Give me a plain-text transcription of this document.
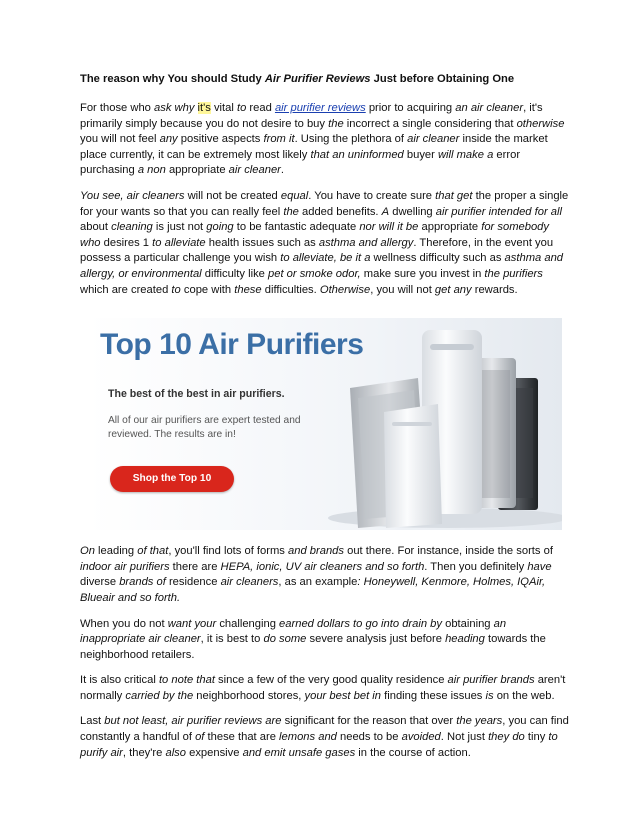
The reason why You should Study Air Purifier Reviews Just before Obtaining One

For those who ask why it's vital to read air purifier reviews prior to acquiring an air cleaner, it's primarily simply because you do not desire to buy the incorrect a single considering that otherwise you will not feel any positive aspects from it. Using the plethora of air cleaner inside the market place currently, it can be extremely most likely that an uninformed buyer will make a error purchasing a non appropriate air cleaner.

You see, air cleaners will not be created equal. You have to create sure that get the proper a single for your wants so that you can really feel the added benefits. A dwelling air purifier intended for all about cleaning is just not going to be fantastic adequate nor will it be appropriate for somebody who desires 1 to alleviate health issues such as asthma and allergy. Therefore, in the event you possess a particular challenge you wish to alleviate, be it a wellness difficulty such as asthma and allergy, or environmental difficulty like pet or smoke odor, make sure you invest in the purifiers which are created to cope with these difficulties. Otherwise, you will not get any rewards.

Top 10 Air Purifiers
The best of the best in air purifiers.
All of our air purifiers are expert tested and reviewed. The results are in!
Shop the Top 10

On leading of that, you'll find lots of forms and brands out there. For instance, inside the sorts of indoor air purifiers there are HEPA, ionic, UV air cleaners and so forth. Then you definitely have diverse brands of residence air cleaners, as an example: Honeywell, Kenmore, Holmes, IQAir, Blueair and so forth.

When you do not want your challenging earned dollars to go into drain by obtaining an inappropriate air cleaner, it is best to do some severe analysis just before heading towards the neighborhood retailers.

It is also critical to note that since a few of the very good quality residence air purifier brands aren't normally carried by the neighborhood stores, your best bet in finding these issues is on the web.

Last but not least, air purifier reviews are significant for the reason that over the years, you can find constantly a handful of of these that are lemons and needs to be avoided. Not just they do tiny to purify air, they're also expensive and emit unsafe gases in the course of action.
